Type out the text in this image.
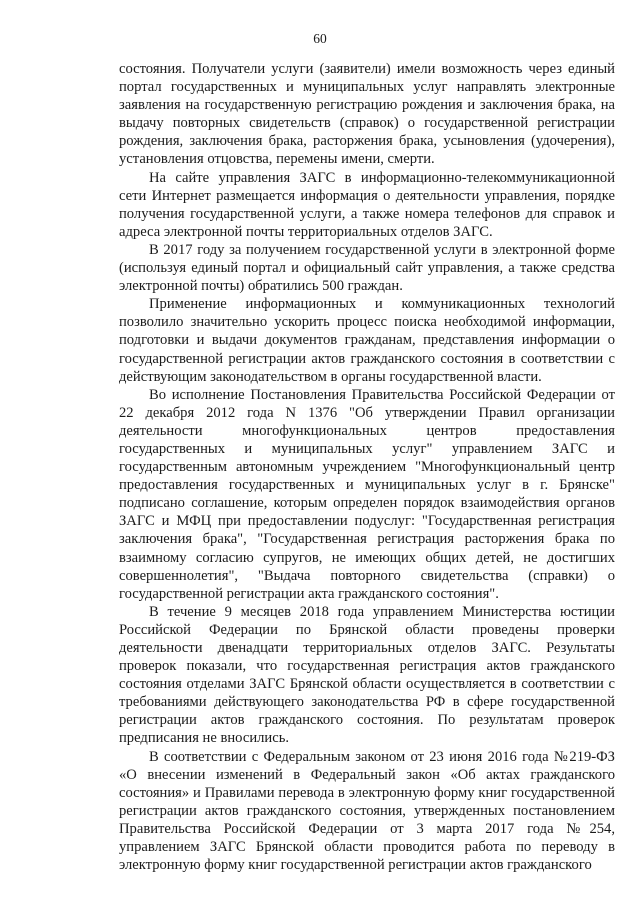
60

состояния. Получатели услуги (заявители) имели возможность через единый портал государственных и муниципальных услуг направлять электронные заявления на государственную регистрацию рождения и заключения брака, на выдачу повторных свидетельств (справок) о государственной регистрации рождения, заключения брака, расторжения брака, усыновления (удочерения), установления отцовства, перемены имени, смерти.

На сайте управления ЗАГС в информационно-телекоммуникационной сети Интернет размещается информация о деятельности управления, порядке получения государственной услуги, а также номера телефонов для справок и адреса электронной почты территориальных отделов ЗАГС.

В 2017 году за получением государственной услуги в электронной форме (используя единый портал и официальный сайт управления, а также средства электронной почты) обратились 500 граждан.

Применение информационных и коммуникационных технологий позволило значительно ускорить процесс поиска необходимой информации, подготовки и выдачи документов гражданам, представления информации о государственной регистрации актов гражданского состояния в соответствии с действующим законодательством в органы государственной власти.

Во исполнение Постановления Правительства Российской Федерации от 22 декабря 2012 года N 1376 "Об утверждении Правил организации деятельности многофункциональных центров предоставления государственных и муниципальных услуг" управлением ЗАГС и государственным автономным учреждением "Многофункциональный центр предоставления государственных и муниципальных услуг в г. Брянске" подписано соглашение, которым определен порядок взаимодействия органов ЗАГС и МФЦ при предоставлении подуслуг: "Государственная регистрация заключения брака", "Государственная регистрация расторжения брака по взаимному согласию супругов, не имеющих общих детей, не достигших совершеннолетия", "Выдача повторного свидетельства (справки) о государственной регистрации акта гражданского состояния".

В течение 9 месяцев 2018 года управлением Министерства юстиции Российской Федерации по Брянской области проведены проверки деятельности двенадцати территориальных отделов ЗАГС. Результаты проверок показали, что государственная регистрация актов гражданского состояния отделами ЗАГС Брянской области осуществляется в соответствии с требованиями действующего законодательства РФ в сфере государственной регистрации актов гражданского состояния. По результатам проверок предписания не вносились.

В соответствии с Федеральным законом от 23 июня 2016 года №219-ФЗ «О внесении изменений в Федеральный закон «Об актах гражданского состояния» и Правилами перевода в электронную форму книг государственной регистрации актов гражданского состояния, утвержденных постановлением Правительства Российской Федерации от 3 марта 2017 года №254, управлением ЗАГС Брянской области проводится работа по переводу в электронную форму книг государственной регистрации актов гражданского
